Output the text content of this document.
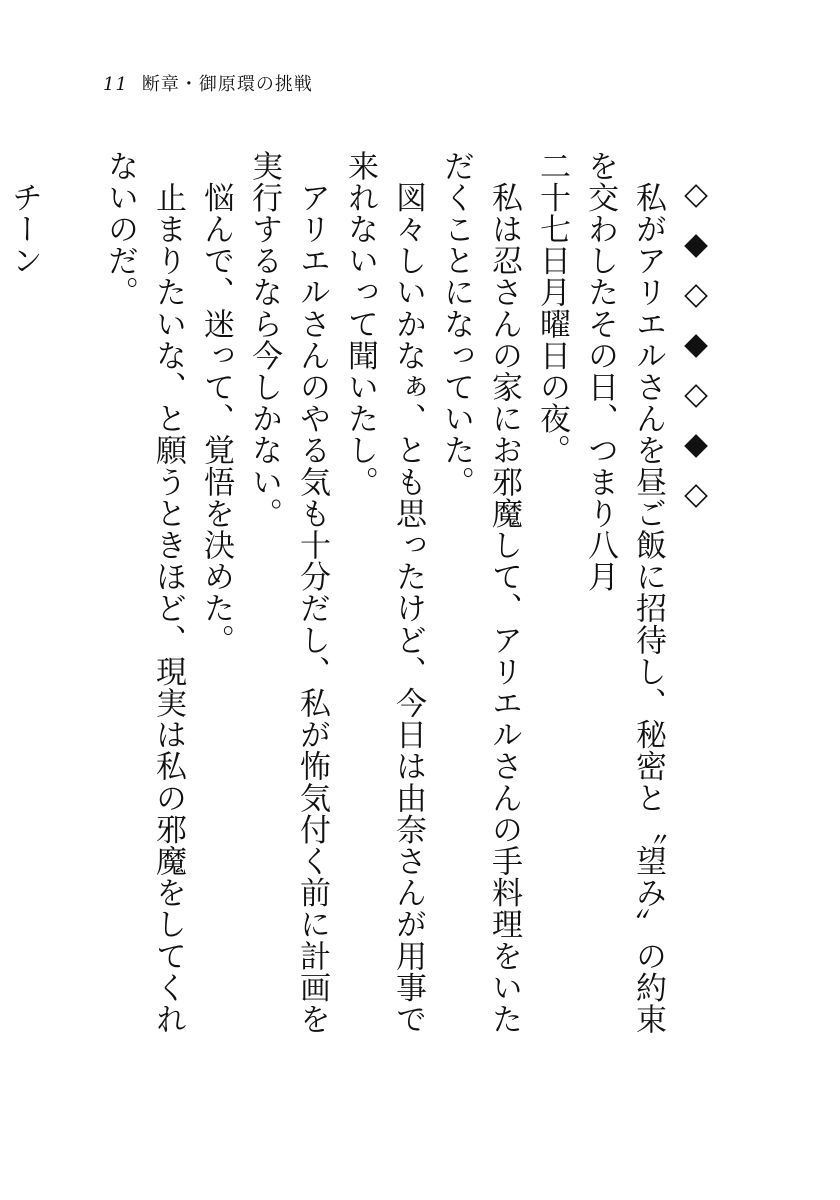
11 断章・御原環の挑戦
◇◆◇◆◇◆◇
　私がアリエルさんを昼ご飯に招待し、秘密と〝望み〟の約束を交わしたその日、つまり八月
二十七日月曜日の夜。
　私は忍さんの家にお邪魔して、アリエルさんの手料理をいただくことになっていた。
　図々しいかなぁ、とも思ったけど、今日は由奈さんが用事で来れないって聞いたし。
　アリエルさんのやる気も十分だし、私が怖気付く前に計画を実行するなら今しかない。
　悩んで、迷って、覚悟を決めた。
　止まりたいな、と願うときほど、現実は私の邪魔をしてくれないのだ。
　チーン
